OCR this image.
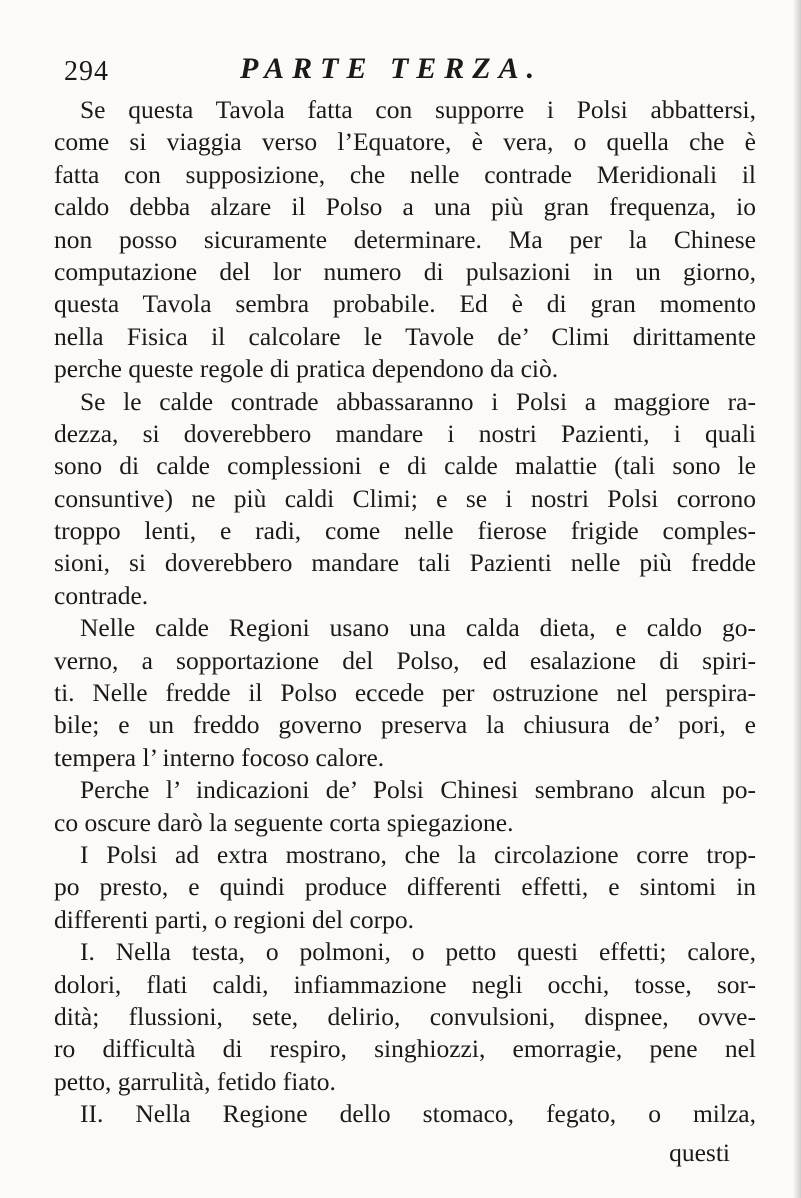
294	PARTE TERZA.
Se questa Tavola fatta con supporre i Polsi abbattersi,
come si viaggia verso l’Equatore, è vera, o quella che è
fatta con supposizione, che nelle contrade Meridionali il
caldo debba alzare il Polso a una più gran frequenza, io
non posso sicuramente determinare. Ma per la Chinese
computazione del lor numero di pulsazioni in un giorno,
questa Tavola sembra probabile. Ed è di gran momento
nella Fisica il calcolare le Tavole de’ Climi dirittamente
perche queste regole di pratica dependono da ciò.
Se le calde contrade abbassaranno i Polsi a maggiore ra-
dezza, si doverebbero mandare i nostri Pazienti, i quali
sono di calde complessioni e di calde malattie (tali sono le
consuntive) ne più caldi Climi; e se i nostri Polsi corrono
troppo lenti, e radi, come nelle fierose frigide comples-
sioni, si doverebbero mandare tali Pazienti nelle più fredde
contrade.
Nelle calde Regioni usano una calda dieta, e caldo go-
verno, a sopportazione del Polso, ed esalazione di spiri-
ti. Nelle fredde il Polso eccede per ostruzione nel perspira-
bile; e un freddo governo preserva la chiusura de’ pori, e
tempera l’ interno focoso calore.
Perche l’ indicazioni de’ Polsi Chinesi sembrano alcun po-
co oscure darò la seguente corta spiegazione.
I Polsi ad extra mostrano, che la circolazione corre trop-
po presto, e quindi produce differenti effetti, e sintomi in
differenti parti, o regioni del corpo.
I. Nella testa, o polmoni, o petto questi effetti; calore,
dolori, flati caldi, infiammazione negli occhi, tosse, sor-
dità; flussioni, sete, delirio, convulsioni, dispnee, ovve-
ro difficultà di respiro, singhiozzi, emorragie, pene nel
petto, garrulità, fetido fiato.
II. Nella Regione dello stomaco, fegato, o milza,
questi
